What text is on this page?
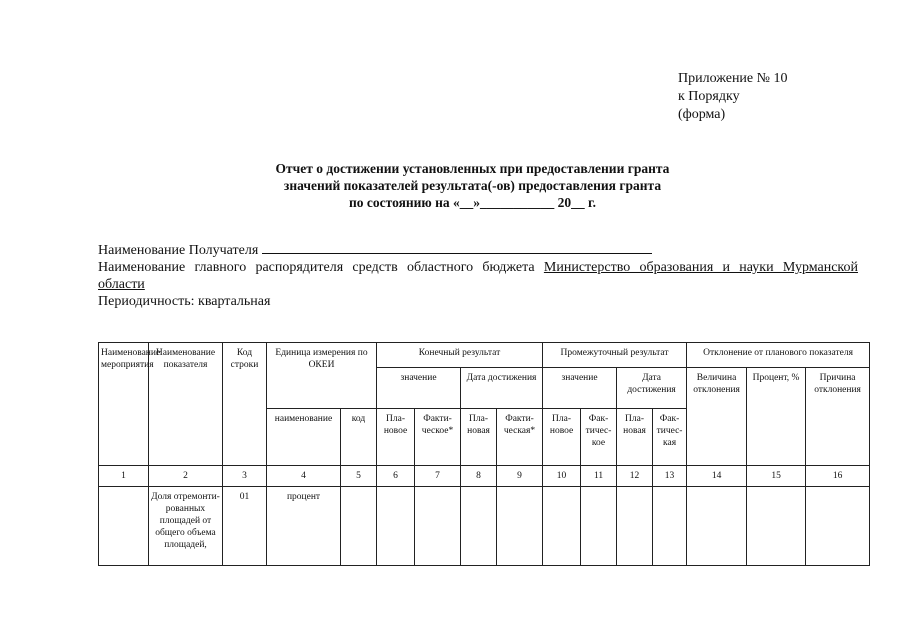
Приложение № 10
к Порядку
(форма)
Отчет о достижении установленных при предоставлении гранта
значений показателей результата(-ов) предоставления гранта
по состоянию на «__»___________ 20__ г.
Наименование Получателя
Наименование главного распорядителя средств областного бюджета Министерство образования и науки Мурманской
области
Периодичность: квартальная
Наименование мероприятия	Наименование показателя	Код строки	Единица измерения по ОКЕИ		Конечный результат				Промежуточный результат				Отклонение от планового показателя		
					значение		Дата достижения		значение		Дата достижения		Величина отклонения	Процент, %	Причина отклонения
			наименование	код	Пла-новое	Факти-ческое*	Пла-новая	Факти-ческая*	Пла-новое	Фак-тичес-кое	Пла-новая	Фак-тичес-кая			
1	2	3	4	5	6	7	8	9	10	11	12	13	14	15	16
	Доля отремонти-рованных площадей от общего объема площадей,	01	процент												
